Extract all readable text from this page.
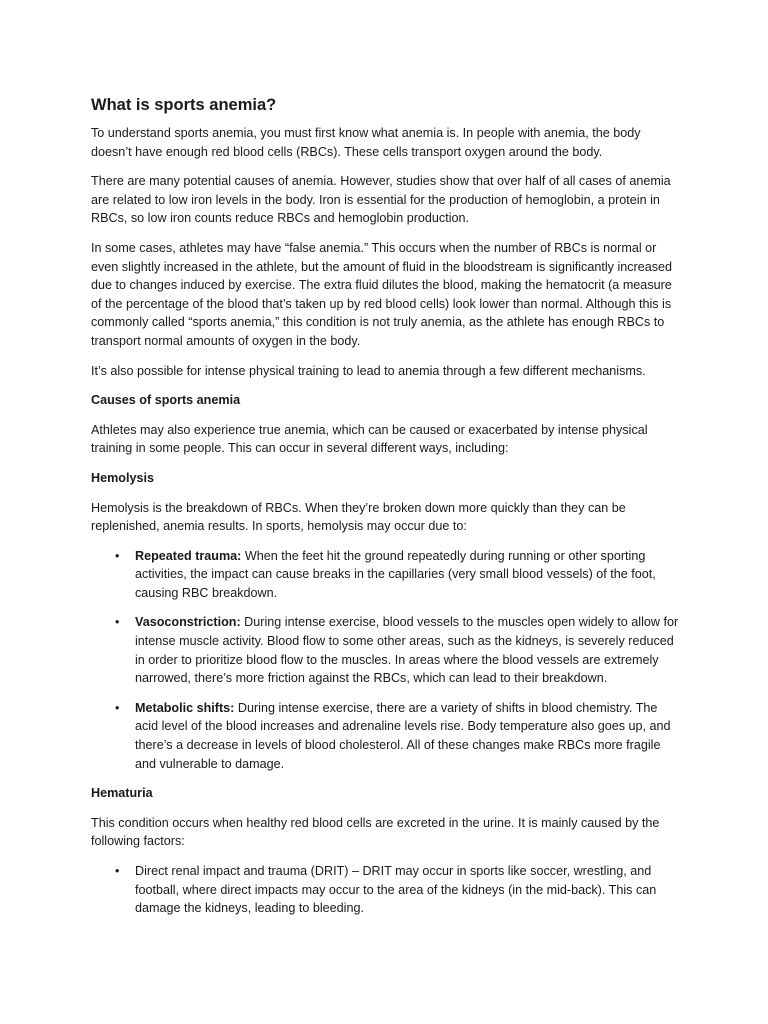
What is sports anemia?

To understand sports anemia, you must first know what anemia is. In people with anemia, the body doesn’t have enough red blood cells (RBCs). These cells transport oxygen around the body.

There are many potential causes of anemia. However, studies show that over half of all cases of anemia are related to low iron levels in the body. Iron is essential for the production of hemoglobin, a protein in RBCs, so low iron counts reduce RBCs and hemoglobin production.

In some cases, athletes may have “false anemia.” This occurs when the number of RBCs is normal or even slightly increased in the athlete, but the amount of fluid in the bloodstream is significantly increased due to changes induced by exercise. The extra fluid dilutes the blood, making the hematocrit (a measure of the percentage of the blood that’s taken up by red blood cells) look lower than normal. Although this is commonly called “sports anemia,” this condition is not truly anemia, as the athlete has enough RBCs to transport normal amounts of oxygen in the body.

It’s also possible for intense physical training to lead to anemia through a few different mechanisms.

Causes of sports anemia

Athletes may also experience true anemia, which can be caused or exacerbated by intense physical training in some people. This can occur in several different ways, including:

Hemolysis

Hemolysis is the breakdown of RBCs. When they’re broken down more quickly than they can be replenished, anemia results. In sports, hemolysis may occur due to:

• Repeated trauma: When the feet hit the ground repeatedly during running or other sporting activities, the impact can cause breaks in the capillaries (very small blood vessels) of the foot, causing RBC breakdown.
• Vasoconstriction: During intense exercise, blood vessels to the muscles open widely to allow for intense muscle activity. Blood flow to some other areas, such as the kidneys, is severely reduced in order to prioritize blood flow to the muscles. In areas where the blood vessels are extremely narrowed, there’s more friction against the RBCs, which can lead to their breakdown.
• Metabolic shifts: During intense exercise, there are a variety of shifts in blood chemistry. The acid level of the blood increases and adrenaline levels rise. Body temperature also goes up, and there’s a decrease in levels of blood cholesterol. All of these changes make RBCs more fragile and vulnerable to damage.
Hematuria

This condition occurs when healthy red blood cells are excreted in the urine. It is mainly caused by the following factors:

• Direct renal impact and trauma (DRIT) – DRIT may occur in sports like soccer, wrestling, and football, where direct impacts may occur to the area of the kidneys (in the mid-back). This can damage the kidneys, leading to bleeding.
